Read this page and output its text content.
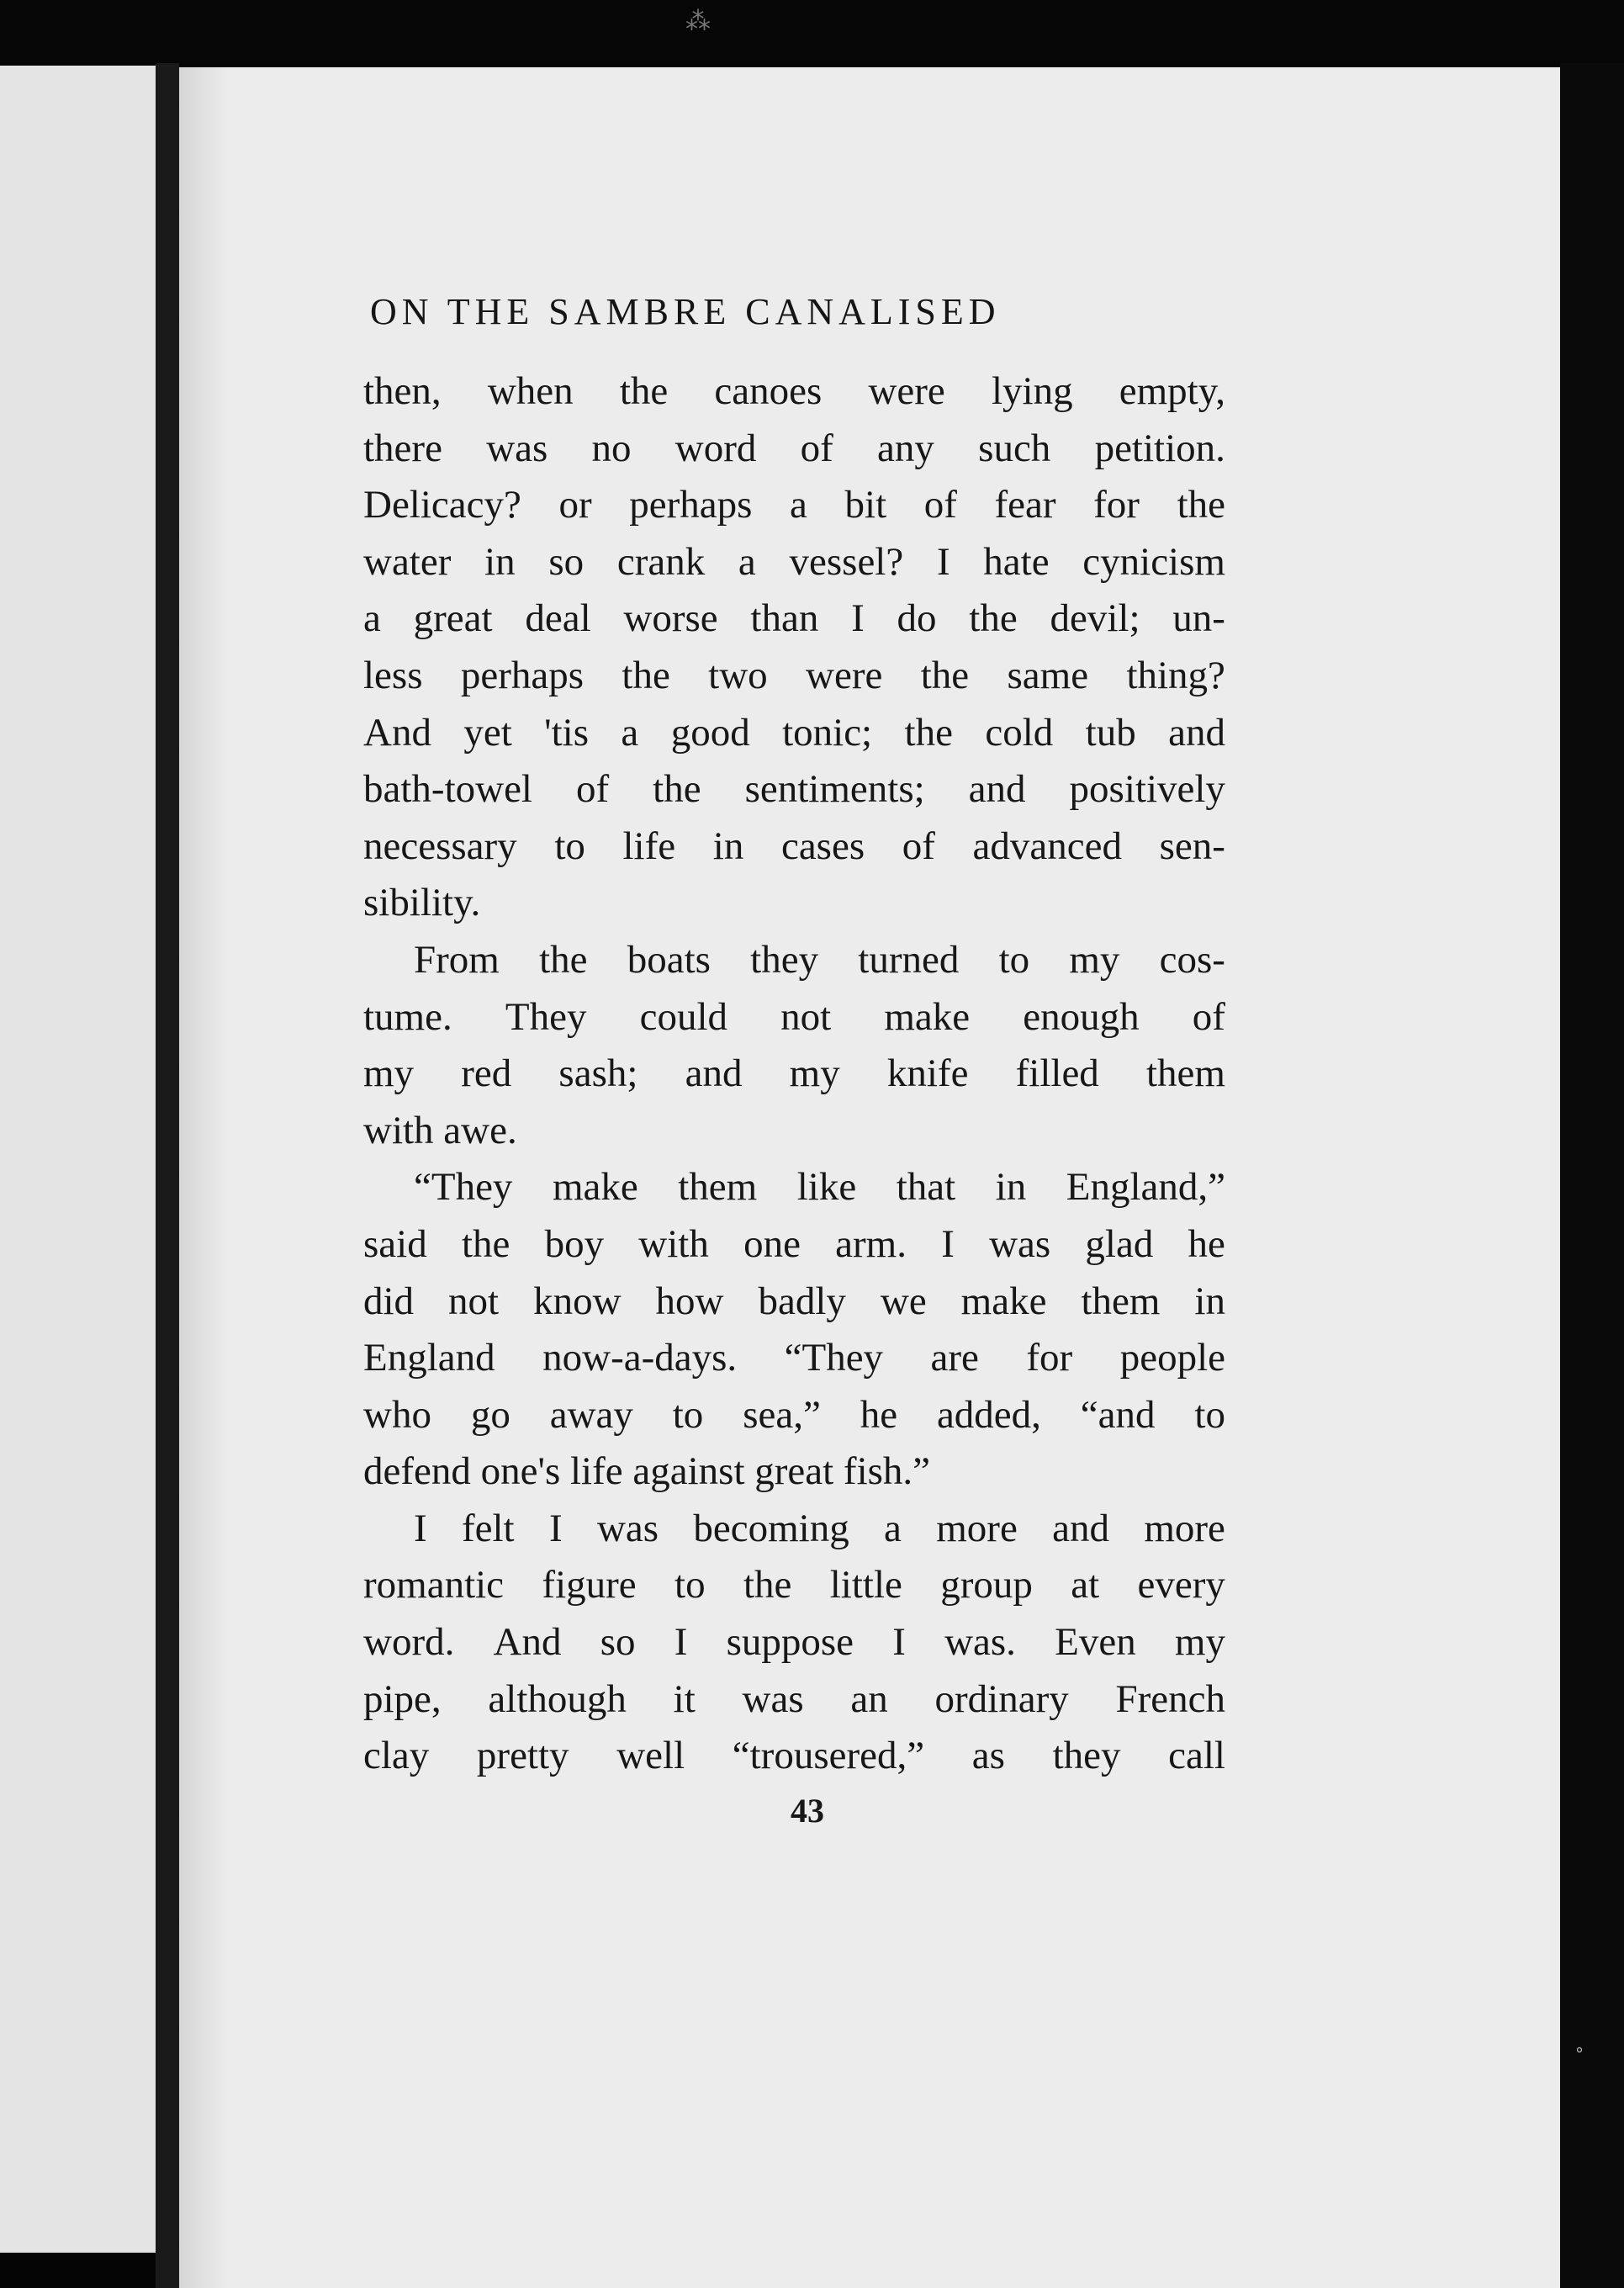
⁂
°
ON THE SAMBRE CANALISED
then, when the canoes were lying empty,
there was no word of any such petition.
Delicacy? or perhaps a bit of fear for the
water in so crank a vessel? I hate cynicism
a great deal worse than I do the devil; un-
less perhaps the two were the same thing?
And yet 'tis a good tonic; the cold tub and
bath-towel of the sentiments; and positively
necessary to life in cases of advanced sen-
sibility.
From the boats they turned to my cos-
tume. They could not make enough of
my red sash; and my knife filled them
with awe.
“They make them like that in England,”
said the boy with one arm. I was glad he
did not know how badly we make them in
England now-a-days. “They are for people
who go away to sea,” he added, “and to
defend one's life against great fish.”
I felt I was becoming a more and more
romantic figure to the little group at every
word. And so I suppose I was. Even my
pipe, although it was an ordinary French
clay pretty well “trousered,” as they call
43
